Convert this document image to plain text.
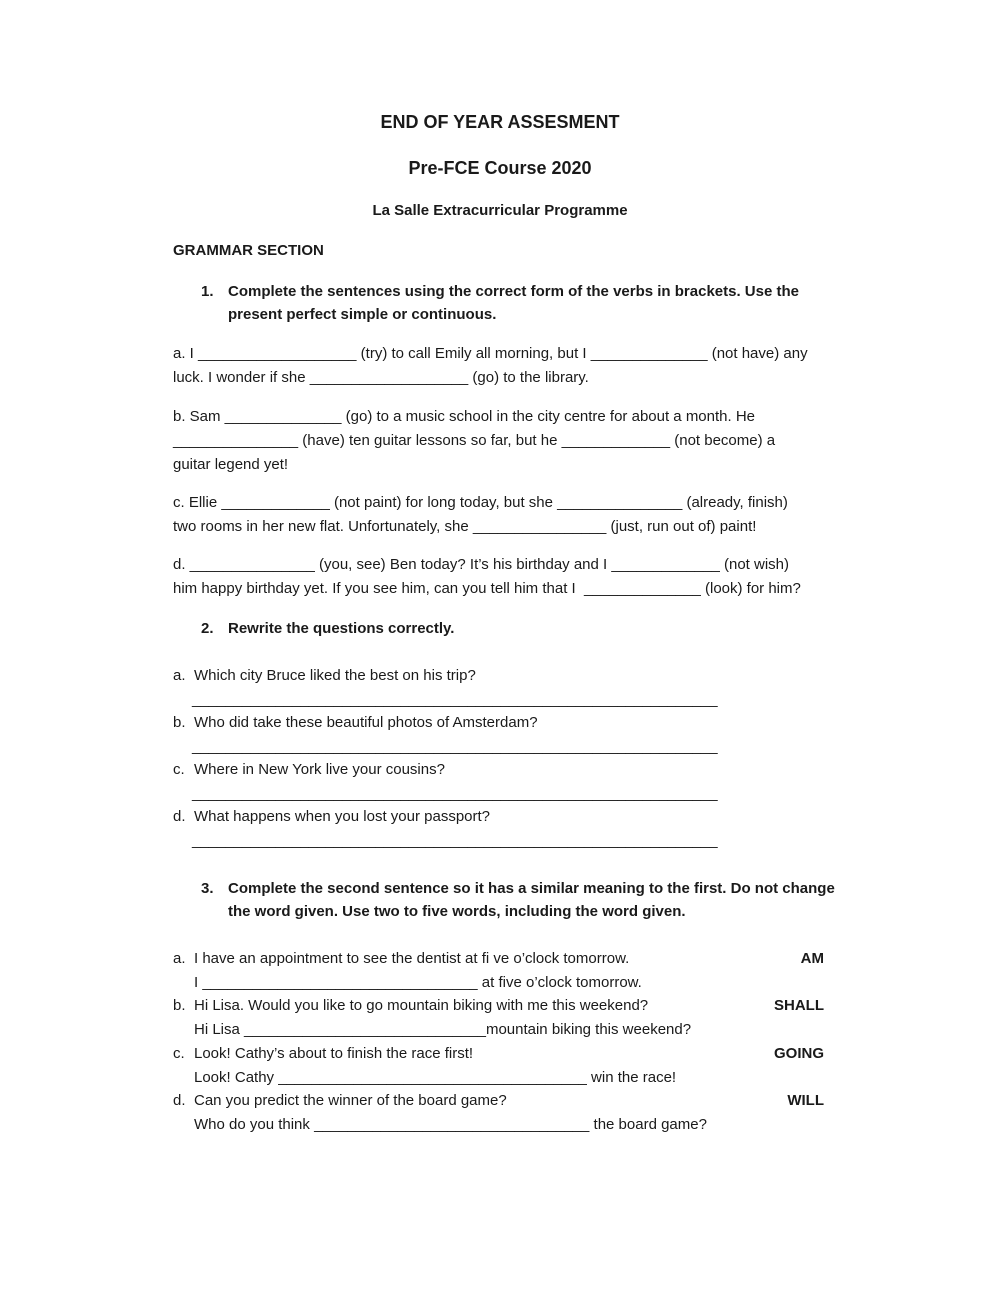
END OF YEAR ASSESMENT
Pre-FCE Course 2020
La Salle Extracurricular Programme
GRAMMAR SECTION
1. Complete the sentences using the correct form of the verbs in brackets. Use the
present perfect simple or continuous.
a. I ___________________ (try) to call Emily all morning, but I ______________ (not have) any
luck. I wonder if she ___________________ (go) to the library.
b. Sam ______________ (go) to a music school in the city centre for about a month. He
_______________ (have) ten guitar lessons so far, but he _____________ (not become) a
guitar legend yet!
c. Ellie _____________ (not paint) for long today, but she _______________ (already, finish)
two rooms in her new flat. Unfortunately, she ________________ (just, run out of) paint!
d. _______________ (you, see) Ben today? It’s his birthday and I _____________ (not wish)
him happy birthday yet. If you see him, can you tell him that I  ______________ (look) for him?
2. Rewrite the questions correctly.
a. Which city Bruce liked the best on his trip?
_______________________________________________________________
b. Who did take these beautiful photos of Amsterdam?
_______________________________________________________________
c. Where in New York live your cousins?
_______________________________________________________________
d. What happens when you lost your passport?
_______________________________________________________________
3. Complete the second sentence so it has a similar meaning to the first. Do not change
the word given. Use two to five words, including the word given.
a. I have an appointment to see the dentist at fi ve o’clock tomorrow.	AM
I _________________________________ at five o’clock tomorrow.
b. Hi Lisa. Would you like to go mountain biking with me this weekend?	SHALL
Hi Lisa _____________________________mountain biking this weekend?
c. Look! Cathy’s about to finish the race first!	GOING
Look! Cathy _____________________________________ win the race!
d. Can you predict the winner of the board game?	WILL
Who do you think _________________________________ the board game?
